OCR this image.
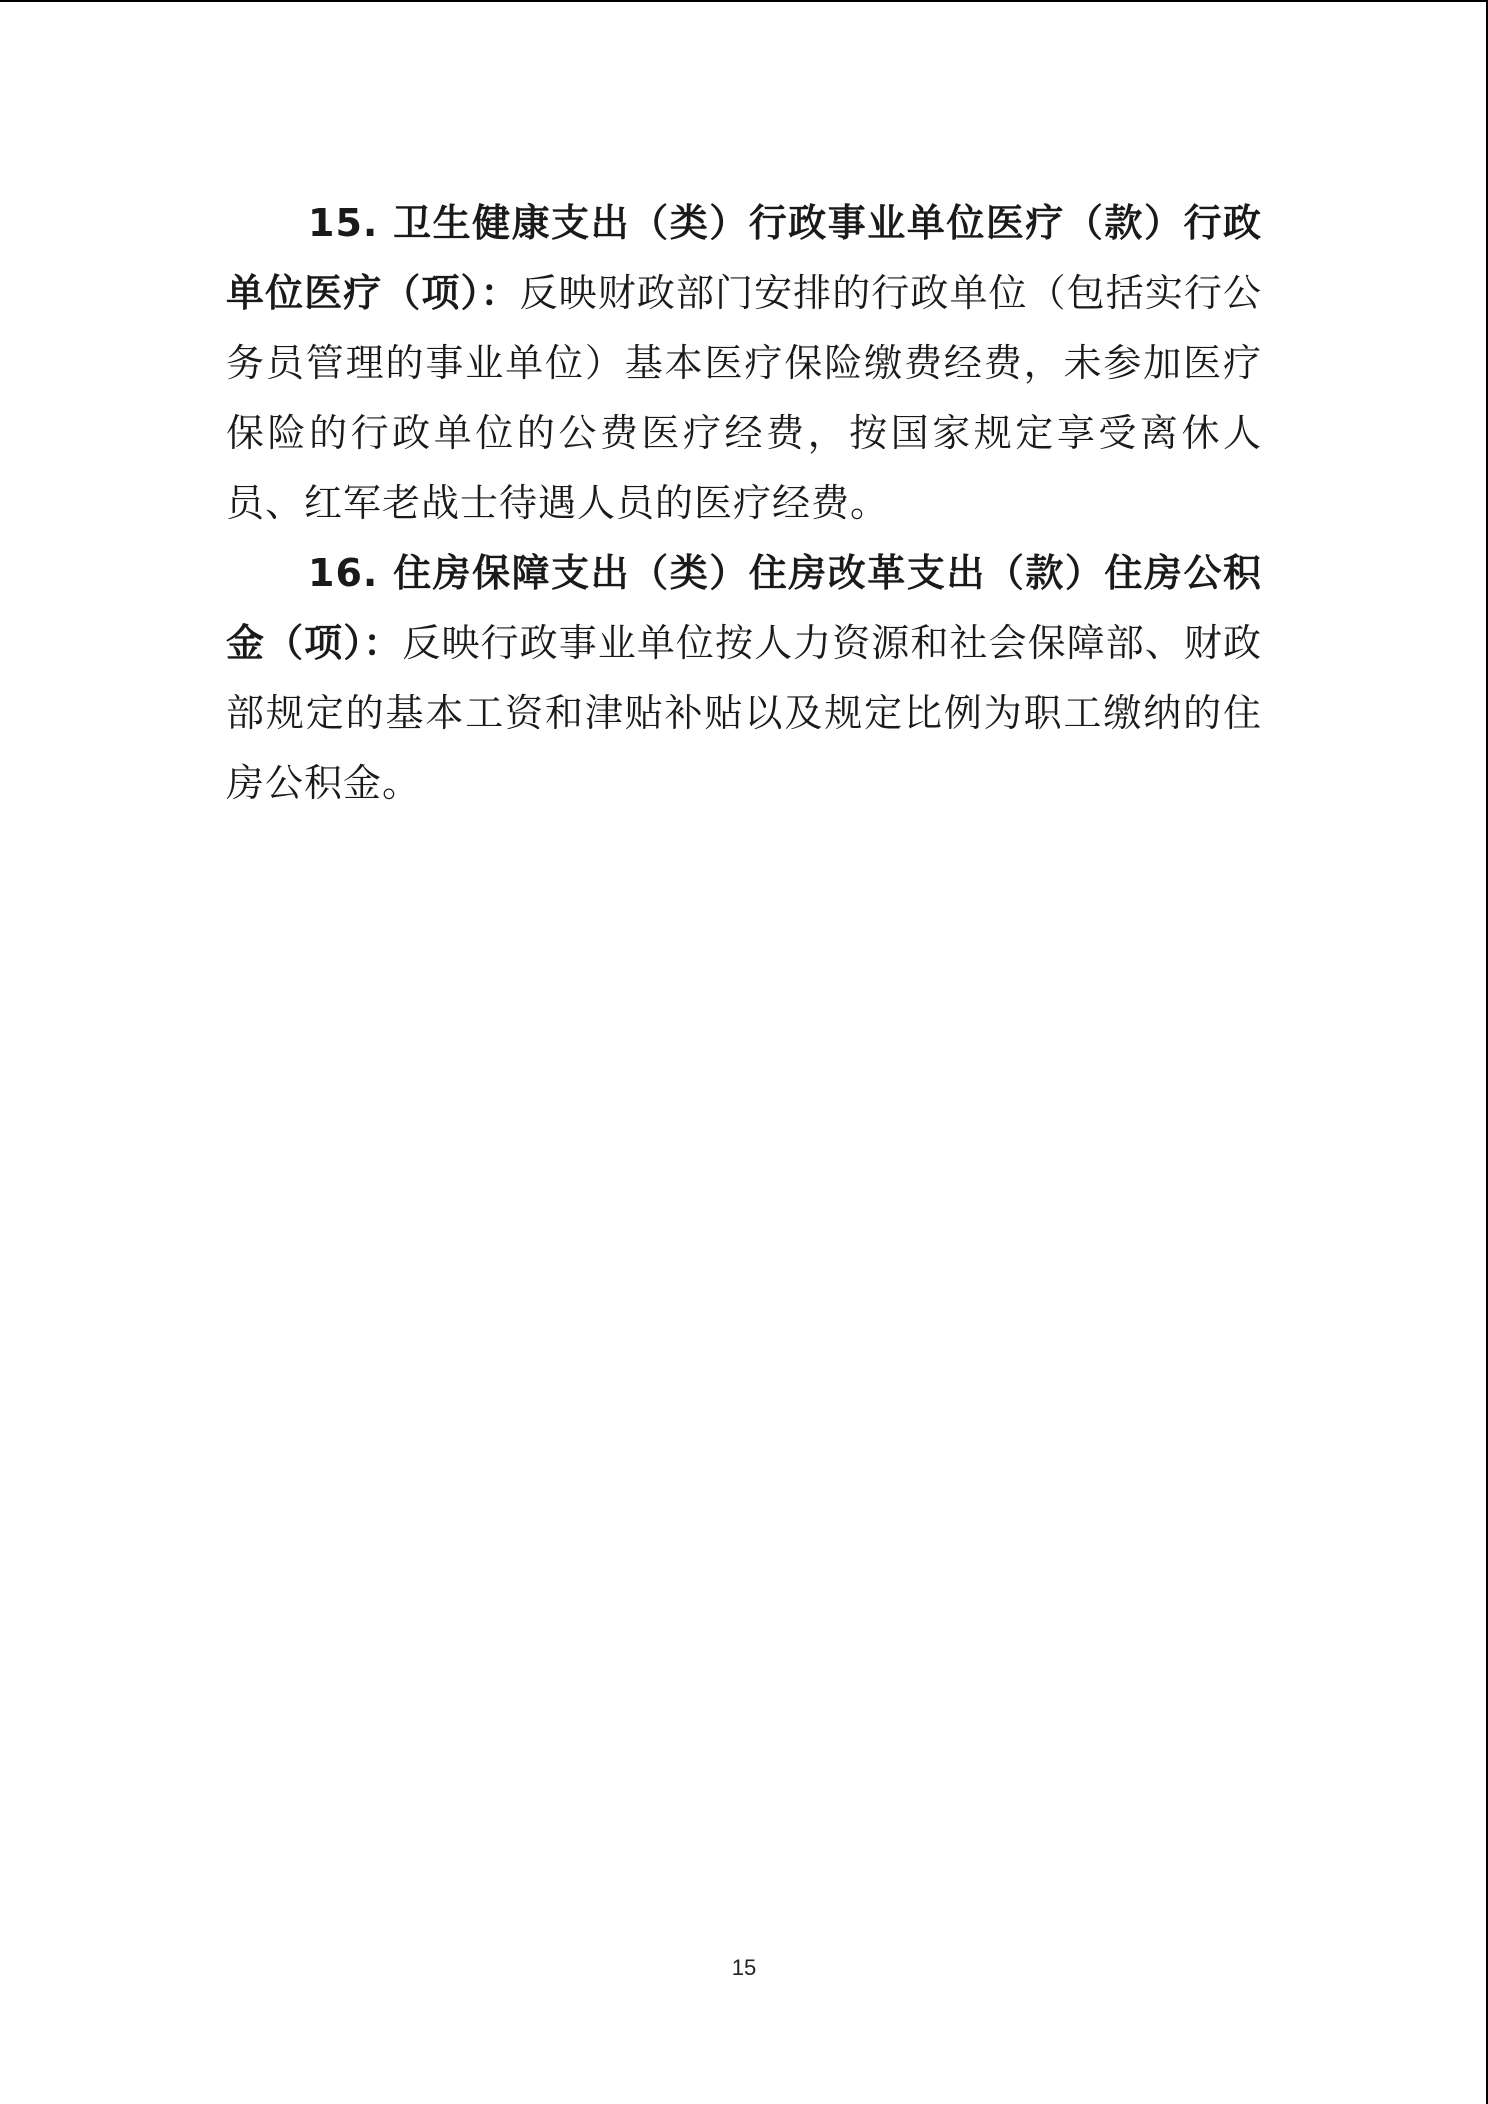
15. 卫生健康支出（类）行政事业单位医疗（款）行政单位医疗（项）：反映财政部门安排的行政单位（包括实行公务员管理的事业单位）基本医疗保险缴费经费，未参加医疗保险的行政单位的公费医疗经费，按国家规定享受离休人员、红军老战士待遇人员的医疗经费。

16. 住房保障支出（类）住房改革支出（款）住房公积金（项）：反映行政事业单位按人力资源和社会保障部、财政部规定的基本工资和津贴补贴以及规定比例为职工缴纳的住房公积金。

15
